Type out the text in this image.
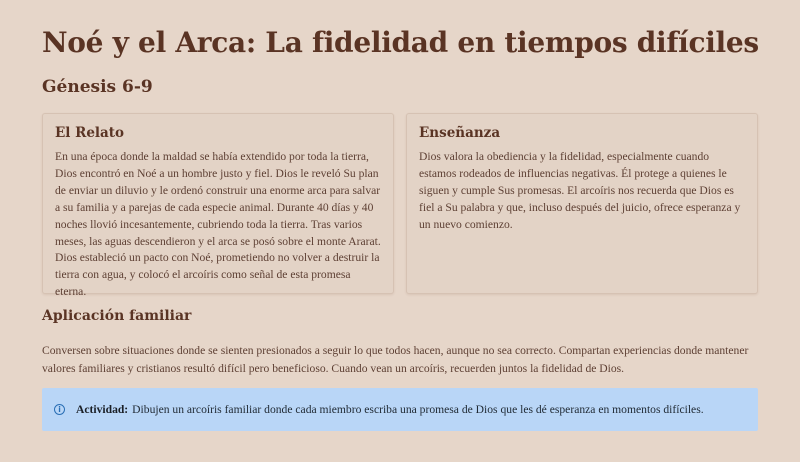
Noé y el Arca: La fidelidad en tiempos difíciles
Génesis 6-9
El Relato

En una época donde la maldad se había extendido por toda la tierra, Dios encontró en Noé a un hombre justo y fiel. Dios le reveló Su plan de enviar un diluvio y le ordenó construir una enorme arca para salvar a su familia y a parejas de cada especie animal. Durante 40 días y 40 noches llovió incesantemente, cubriendo toda la tierra. Tras varios meses, las aguas descendieron y el arca se posó sobre el monte Ararat. Dios estableció un pacto con Noé, prometiendo no volver a destruir la tierra con agua, y colocó el arcoíris como señal de esta promesa eterna.

Enseñanza

Dios valora la obediencia y la fidelidad, especialmente cuando estamos rodeados de influencias negativas. Él protege a quienes le siguen y cumple Sus promesas. El arcoíris nos recuerda que Dios es fiel a Su palabra y que, incluso después del juicio, ofrece esperanza y un nuevo comienzo.

Aplicación familiar

Conversen sobre situaciones donde se sienten presionados a seguir lo que todos hacen, aunque no sea correcto. Compartan experiencias donde mantener valores familiares y cristianos resultó difícil pero beneficioso. Cuando vean un arcoíris, recuerden juntos la fidelidad de Dios.

i	Actividad: Dibujen un arcoíris familiar donde cada miembro escriba una promesa de Dios que les dé esperanza en momentos difíciles.
